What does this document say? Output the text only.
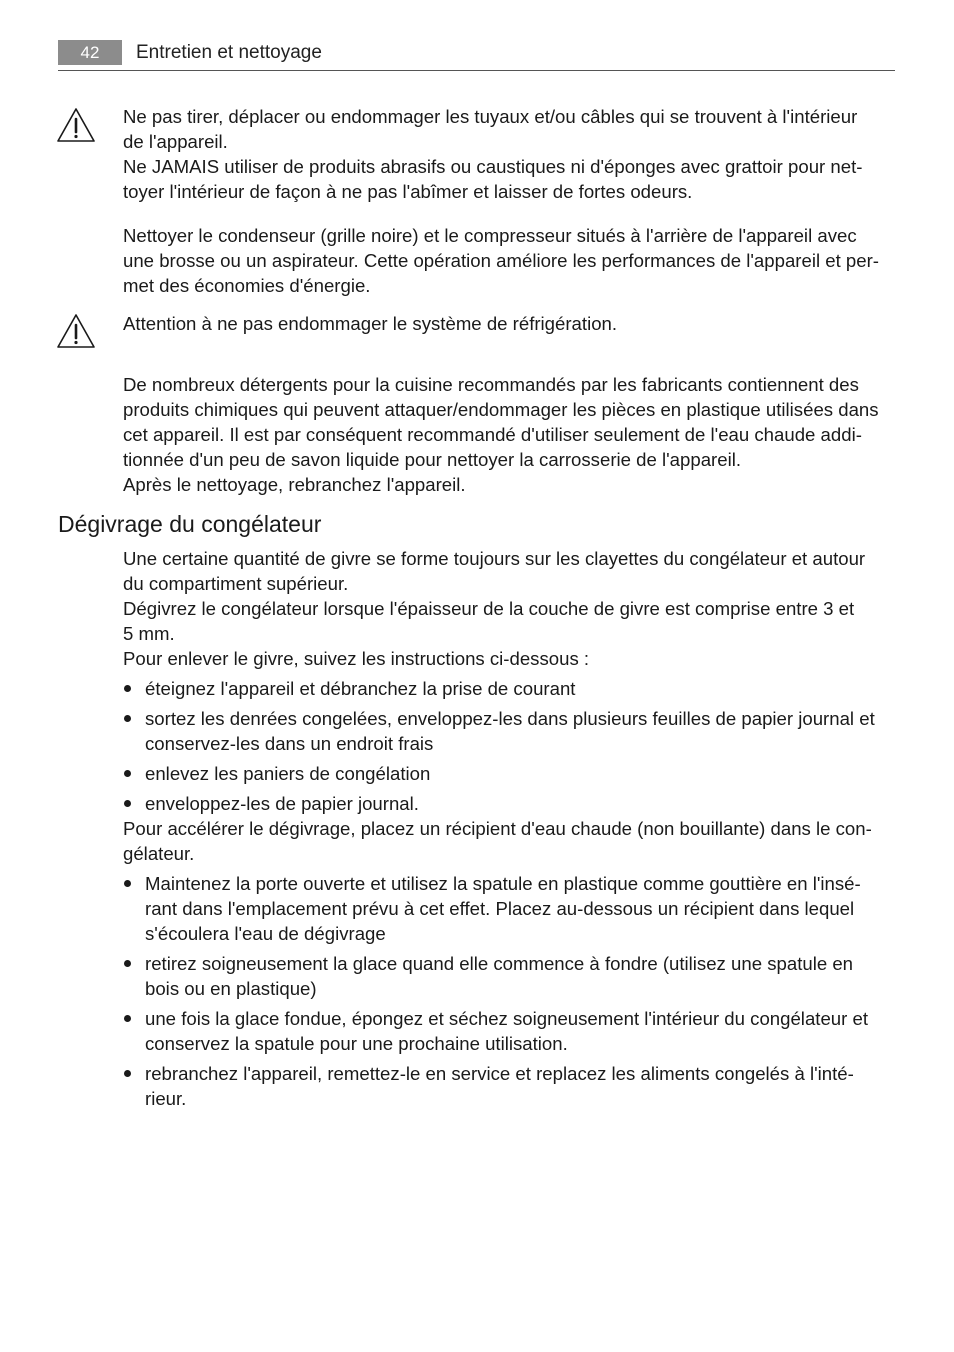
42	Entretien et nettoyage

Ne pas tirer, déplacer ou endommager les tuyaux et/ou câbles qui se trouvent à l'intérieur

de l'appareil.

Ne JAMAIS utiliser de produits abrasifs ou caustiques ni d'éponges avec grattoir pour net-

toyer l'intérieur de façon à ne pas l'abîmer et laisser de fortes odeurs.

Nettoyer le condenseur (grille noire) et le compresseur situés à l'arrière de l'appareil avec

une brosse ou un aspirateur. Cette opération améliore les performances de l'appareil et per-

met des économies d'énergie.

Attention à ne pas endommager le système de réfrigération.

De nombreux détergents pour la cuisine recommandés par les fabricants contiennent des

produits chimiques qui peuvent attaquer/endommager les pièces en plastique utilisées dans

cet appareil. Il est par conséquent recommandé d'utiliser seulement de l'eau chaude addi-

tionnée d'un peu de savon liquide pour nettoyer la carrosserie de l'appareil.

Après le nettoyage, rebranchez l'appareil.

Dégivrage du congélateur

Une certaine quantité de givre se forme toujours sur les clayettes du congélateur et autour

du compartiment supérieur.

Dégivrez le congélateur lorsque l'épaisseur de la couche de givre est comprise entre 3 et

5 mm.

Pour enlever le givre, suivez les instructions ci-dessous :

éteignez l'appareil et débranchez la prise de courant
sortez les denrées congelées, enveloppez-les dans plusieurs feuilles de papier journal et
conservez-les dans un endroit frais
enlevez les paniers de congélation
enveloppez-les de papier journal.

Pour accélérer le dégivrage, placez un récipient d'eau chaude (non bouillante) dans le con-

gélateur.

Maintenez la porte ouverte et utilisez la spatule en plastique comme gouttière en l'insé-
rant dans l'emplacement prévu à cet effet. Placez au-dessous un récipient dans lequel
s'écoulera l'eau de dégivrage
retirez soigneusement la glace quand elle commence à fondre (utilisez une spatule en
bois ou en plastique)
une fois la glace fondue, épongez et séchez soigneusement l'intérieur du congélateur et
conservez la spatule pour une prochaine utilisation.
rebranchez l'appareil, remettez-le en service et replacez les aliments congelés à l'inté-
rieur.
